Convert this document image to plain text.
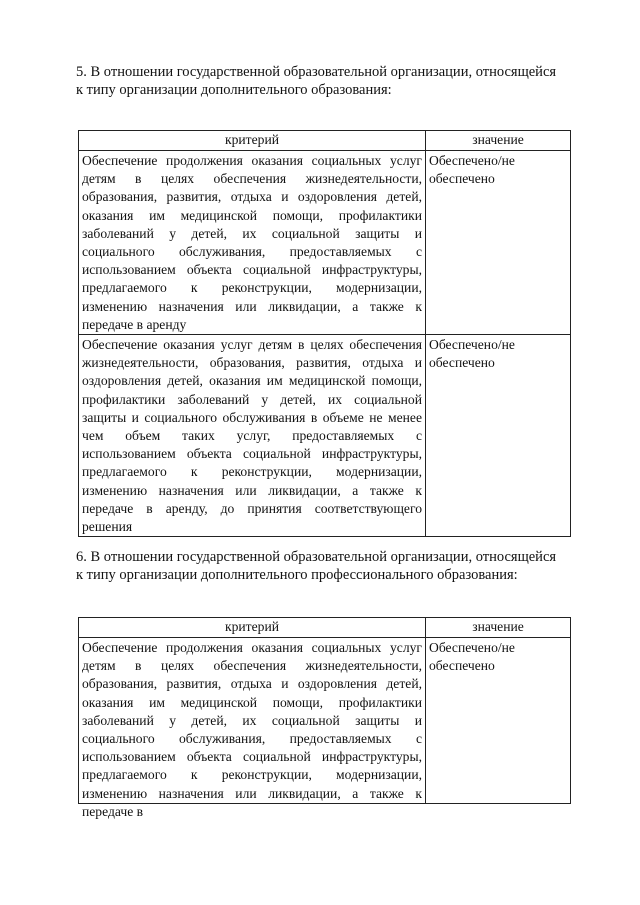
5. В отношении государственной образовательной организации, относящейся
к типу организации дополнительного образования:
критерий	значение
Обеспечение продолжения оказания социальных услуг детям в целях обеспечения жизнедеятельности, образования, развития, отдыха и оздоровления детей, оказания им медицинской помощи, профилактики заболеваний у детей, их социальной защиты и социального обслуживания, предоставляемых с использованием объекта социальной инфраструктуры, предлагаемого к реконструкции, модернизации, изменению назначения или ликвидации, а также к передаче в аренду	Обеспечено/не обеспечено
Обеспечение оказания услуг детям в целях обеспечения жизнедеятельности, образования, развития, отдыха и оздоровления детей, оказания им медицинской помощи, профилактики заболеваний у детей, их социальной защиты и социального обслуживания в объеме не менее чем объем таких услуг, предоставляемых с использованием объекта социальной инфраструктуры, предлагаемого к реконструкции, модернизации, изменению назначения или ликвидации, а также к передаче в аренду, до принятия соответствующего решения	Обеспечено/не обеспечено
6. В отношении государственной образовательной организации, относящейся
к типу организации дополнительного профессионального образования:
критерий	значение

Обеспечение продолжения оказания социальных услуг детям в целях обеспечения жизнедеятельности, образования, развития, отдыха и оздоровления детей, оказания им медицинской помощи, профилактики заболеваний у детей, их социальной защиты и социального обслуживания, предоставляемых с использованием объекта социальной инфраструктуры, предлагаемого к реконструкции, модернизации, изменению назначения или ликвидации, а также к передаче в	Обеспечено/не обеспечено
